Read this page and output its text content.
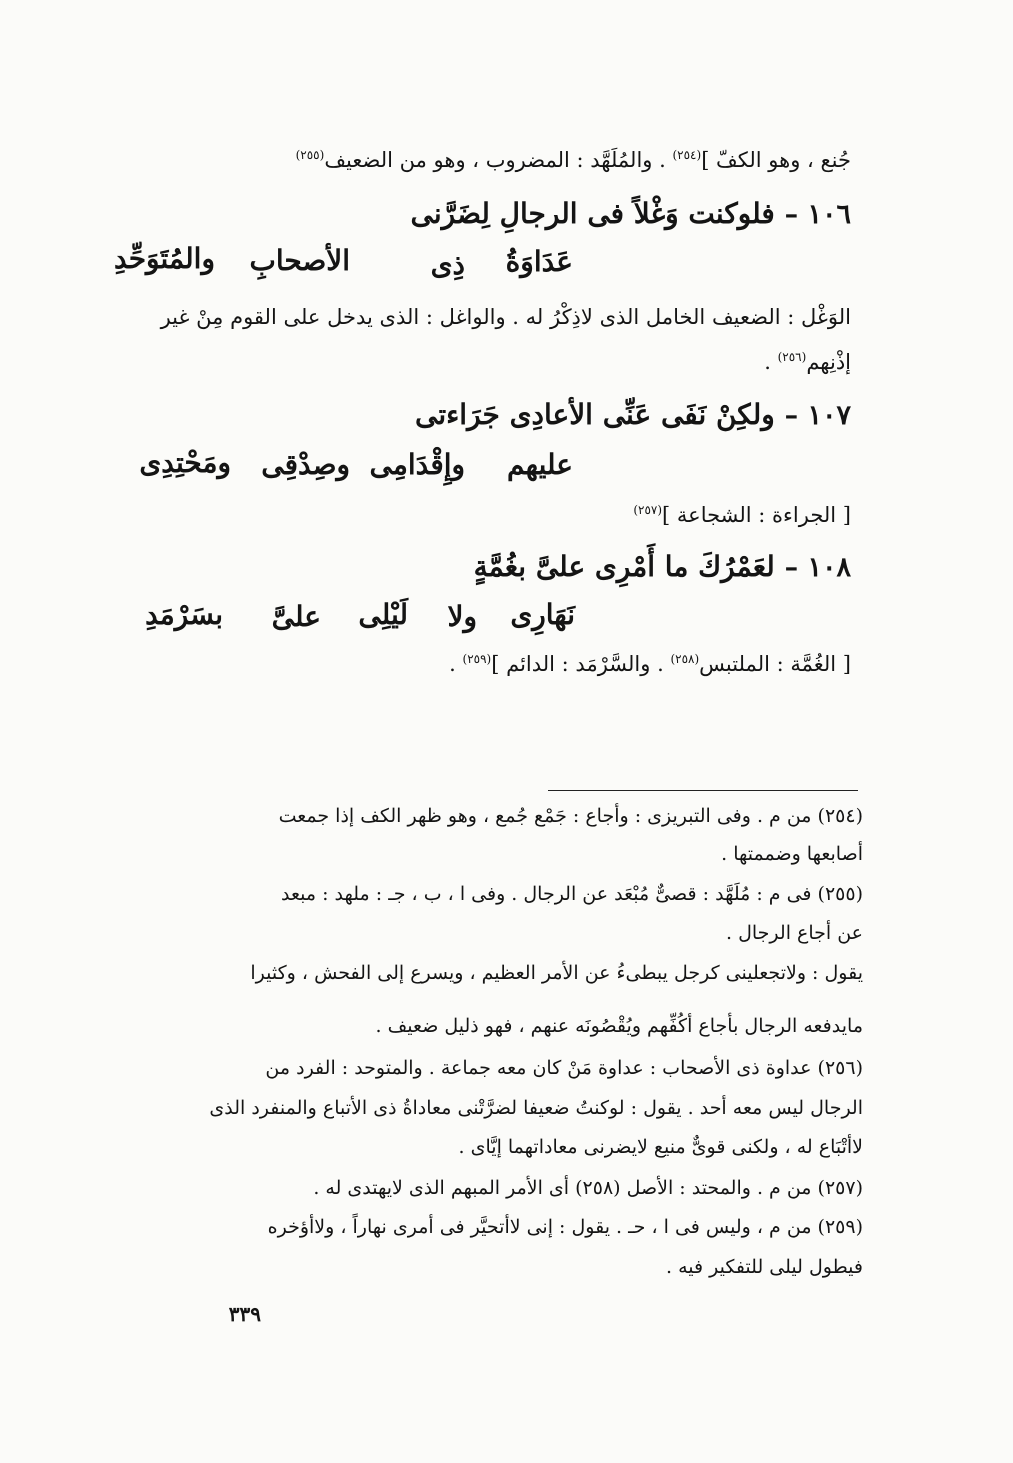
جُنع ، وهو الكفّ ]$^{(٢٥٤)}$ . والمُلَهَّد : المضروب ، وهو من الضعيف$^{(٢٥٥)}$
١٠٦ – فلوكنت وَغْلاً فى الرجالِ لِضَرَّنى
عَدَاوَةُ
ذِى
الأصحابِ
والمُتَوَحِّدِ
الوَغْل : الضعيف الخامل الذى لاذِكْرُ له . والواغل : الذى يدخل على القوم مِنْ غير
إذْنِهم$^{(٢٥٦)}$ .
١٠٧ – ولكِنْ نَفَى عَنِّى الأعادِى جَرَاءتى
عليهم
وإِقْدَامِى
وصِدْقِى
ومَحْتِدِى
[ الجراءة : الشجاعة ]$^{(٢٥٧)}$
١٠٨ – لعَمْرُكَ ما أَمْرِى علىَّ بغُمَّةٍ
نَهَارِى
ولا
لَيْلِى
علىَّ
بسَرْمَدِ
[ الغُمَّة : الملتبس$^{(٢٥٨)}$ . والسَّرْمَد : الدائم ]$^{(٢٥٩)}$ .
(٢٥٤) من م . وفى التبريزى : وأجاع : جَمْع جُمع ، وهو ظهر الكف إذا جمعت
أصابعها وضممتها .
(٢٥٥) فى م : مُلَهَّد : قصىٌّ مُبْعَد عن الرجال . وفى ا ، ب ، جـ : ملهد : مبعد
عن أجاع الرجال .
يقول : ولاتجعلينى كرجل يبطىءُ عن الأمر العظيم ، ويسرع إلى الفحش ، وكثيرا
مايدفعه الرجال بأجاع أكُفِّهم ويُقْصُونَه عنهم ، فهو ذليل ضعيف .
(٢٥٦) عداوة ذى الأصحاب : عداوة مَنْ كان معه جماعة . والمتوحد : الفرد من
الرجال ليس معه أحد . يقول : لوكنتُ ضعيفا لضرَّتْنى معاداةُ ذى الأتباع والمنفرد الذى
لاأتْبَاع له ، ولكنى قوىٌّ منيع لايضرنى معاداتهما إيَّاى .
(٢٥٧) من م . والمحتد : الأصل (٢٥٨) أى الأمر المبهم الذى لايهتدى له .
(٢٥٩) من م ، وليس فى ا ، حـ . يقول : إنى لاأتحيَّر فى أمرى نهاراً ، ولاأؤخره
فيطول ليلى للتفكير فيه .
٣٣٩
